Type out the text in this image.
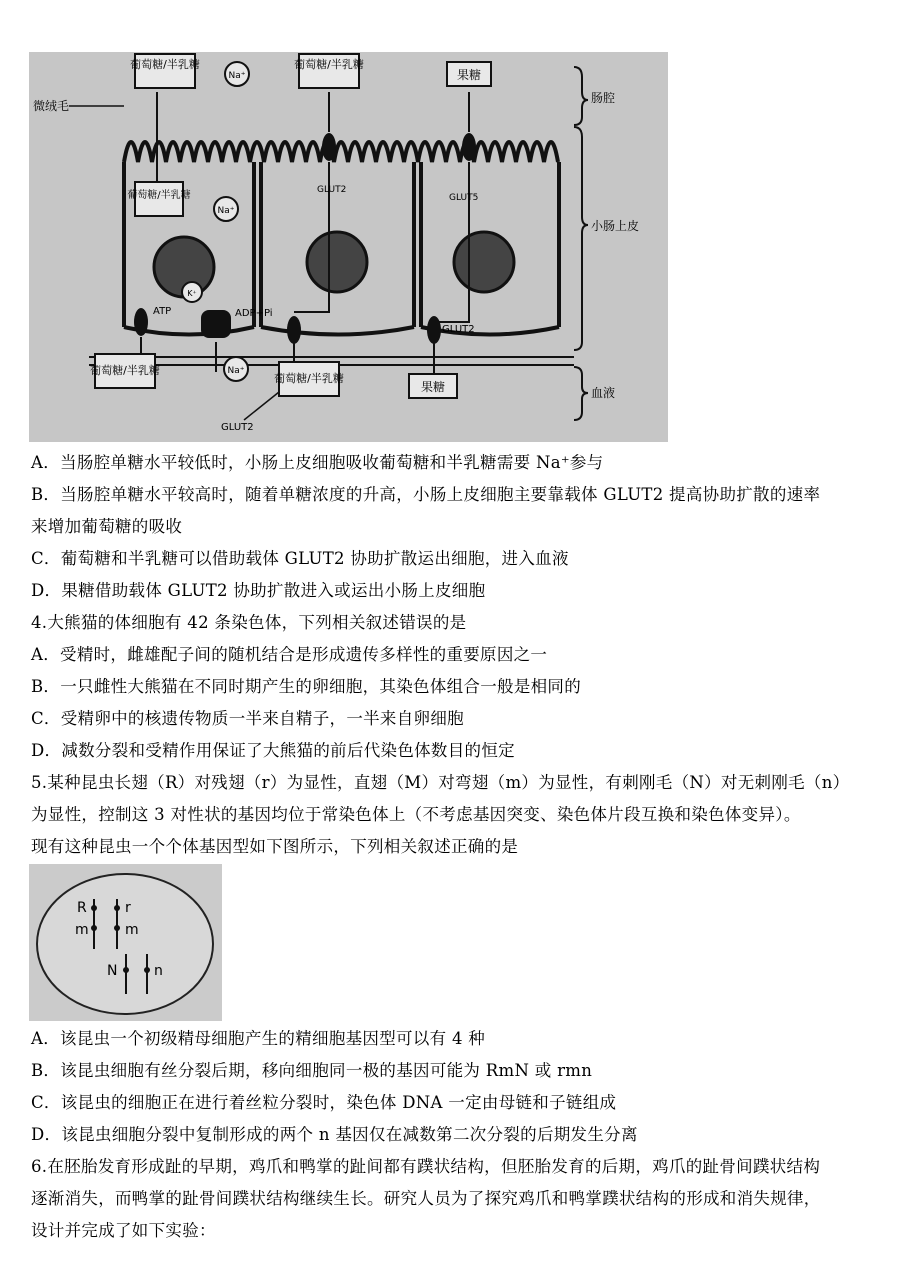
葡萄糖/半乳糖
Na⁺
葡萄糖/半乳糖
果糖
葡萄糖/半乳糖
Na⁺
K⁺
ATP	ADP+Pi
Na⁺
葡萄糖/半乳糖
葡萄糖/半乳糖
果糖
微绒毛
GLUT2
GLUT5
GLUT2
GLUT2
肠腔
小肠上皮
血液
A．当肠腔单糖水平较低时，小肠上皮细胞吸收葡萄糖和半乳糖需要 Na⁺参与
B．当肠腔单糖水平较高时，随着单糖浓度的升高，小肠上皮细胞主要靠载体 GLUT2 提高协助扩散的速率
来增加葡萄糖的吸收
C．葡萄糖和半乳糖可以借助载体 GLUT2 协助扩散运出细胞，进入血液
D．果糖借助载体 GLUT2 协助扩散进入或运出小肠上皮细胞
4.大熊猫的体细胞有 42 条染色体，下列相关叙述错误的是
A．受精时，雌雄配子间的随机结合是形成遗传多样性的重要原因之一
B．一只雌性大熊猫在不同时期产生的卵细胞，其染色体组合一般是相同的
C．受精卵中的核遗传物质一半来自精子，一半来自卵细胞
D．减数分裂和受精作用保证了大熊猫的前后代染色体数目的恒定
5.某种昆虫长翅（R）对残翅（r）为显性，直翅（M）对弯翅（m）为显性，有刺刚毛（N）对无刺刚毛（n）
为显性，控制这 3 对性状的基因均位于常染色体上（不考虑基因突变、染色体片段互换和染色体变异）。
现有这种昆虫一个个体基因型如下图所示，下列相关叙述正确的是
R	r
m	m
N	n
A．该昆虫一个初级精母细胞产生的精细胞基因型可以有 4 种
B．该昆虫细胞有丝分裂后期，移向细胞同一极的基因可能为 RmN 或 rmn
C．该昆虫的细胞正在进行着丝粒分裂时，染色体 DNA 一定由母链和子链组成
D．该昆虫细胞分裂中复制形成的两个 n 基因仅在减数第二次分裂的后期发生分离
6.在胚胎发育形成趾的早期，鸡爪和鸭掌的趾间都有蹼状结构，但胚胎发育的后期，鸡爪的趾骨间蹼状结构
逐渐消失，而鸭掌的趾骨间蹼状结构继续生长。研究人员为了探究鸡爪和鸭掌蹼状结构的形成和消失规律，
设计并完成了如下实验：
